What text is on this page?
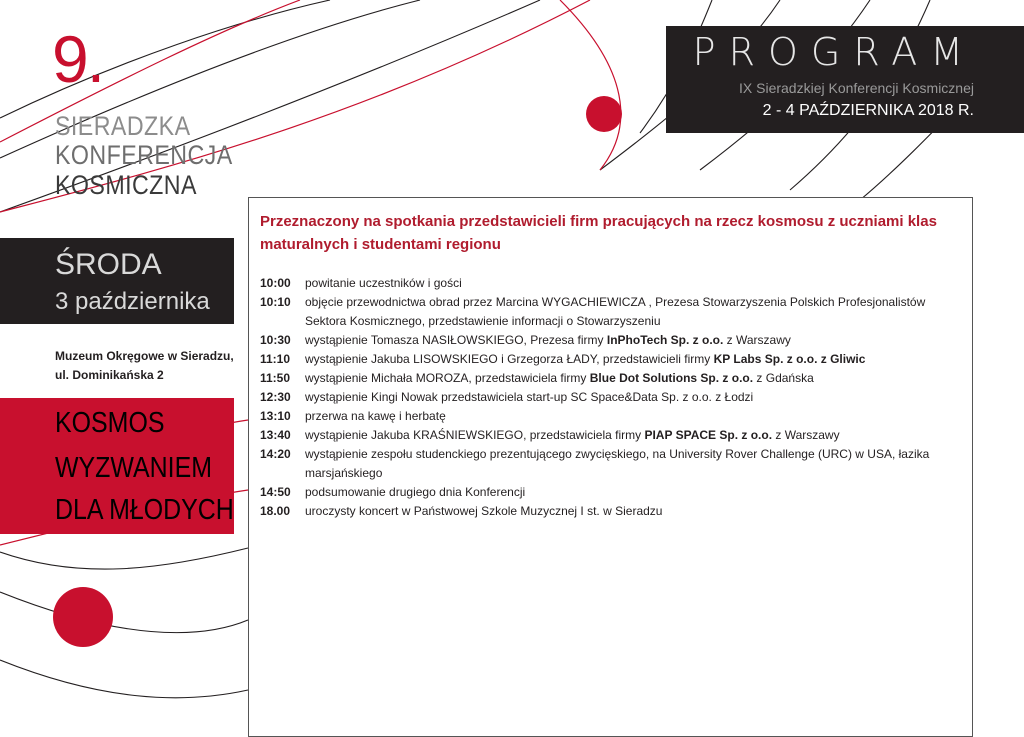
9.
SIERADZKA
KONFERENCJA
KOSMICZNA
PROGRAM
IX Sieradzkiej Konferencji Kosmicznej
2 - 4 PAŹDZIERNIKA 2018 R.
ŚRODA
3 października
Muzeum Okręgowe w Sieradzu,
ul. Dominikańska 2
KOSMOS
WYZWANIEM
DLA MŁODYCH
Przeznaczony na spotkania przedstawicieli firm pracujących na rzecz kosmosu z uczniami klas maturalnych i studentami regionu
10:00	powitanie uczestników i gości
10:10	objęcie przewodnictwa obrad przez Marcina WYGACHIEWICZA , Prezesa Stowarzyszenia Polskich Profesjonalistów Sektora Kosmicznego, przedstawienie informacji o Stowarzyszeniu
10:30	wystąpienie Tomasza NASIŁOWSKIEGO, Prezesa firmy InPhoTech Sp. z o.o. z Warszawy
11:10	wystąpienie Jakuba LISOWSKIEGO i Grzegorza ŁADY, przedstawicieli firmy KP Labs Sp. z o.o. z Gliwic
11:50	wystąpienie Michała MOROZA, przedstawiciela firmy Blue Dot Solutions Sp. z o.o. z Gdańska
12:30	wystąpienie Kingi Nowak przedstawiciela start-up SC Space&Data Sp. z o.o. z Łodzi
13:10	przerwa na kawę i herbatę
13:40	wystąpienie Jakuba KRAŚNIEWSKIEGO, przedstawiciela firmy PIAP SPACE Sp. z o.o. z Warszawy
14:20	wystąpienie zespołu studenckiego prezentującego zwycięskiego, na University Rover Challenge (URC) w USA, łazika marsjańskiego
14:50	podsumowanie drugiego dnia Konferencji
18.00	uroczysty koncert w Państwowej Szkole Muzycznej I st. w Sieradzu
